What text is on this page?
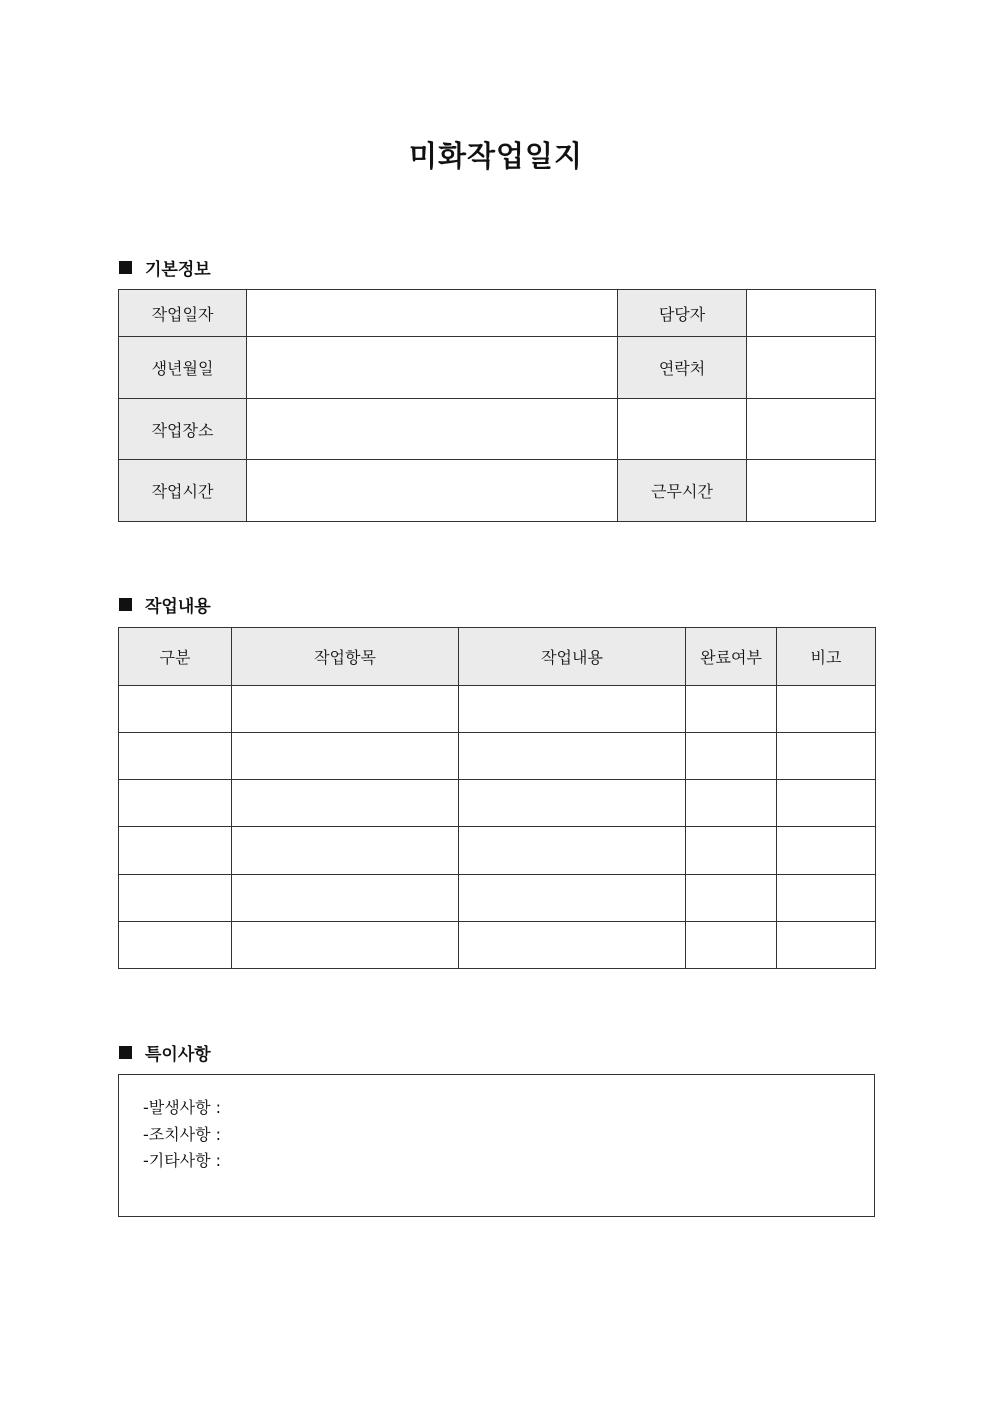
미화작업일지
기본정보
작업일자		담당자	
생년월일		연락처	
작업장소			
작업시간		근무시간	
작업내용
구분	작업항목	작업내용	완료여부	비고

특이사항
-발생사항 :
-조치사항 :
-기타사항 :
